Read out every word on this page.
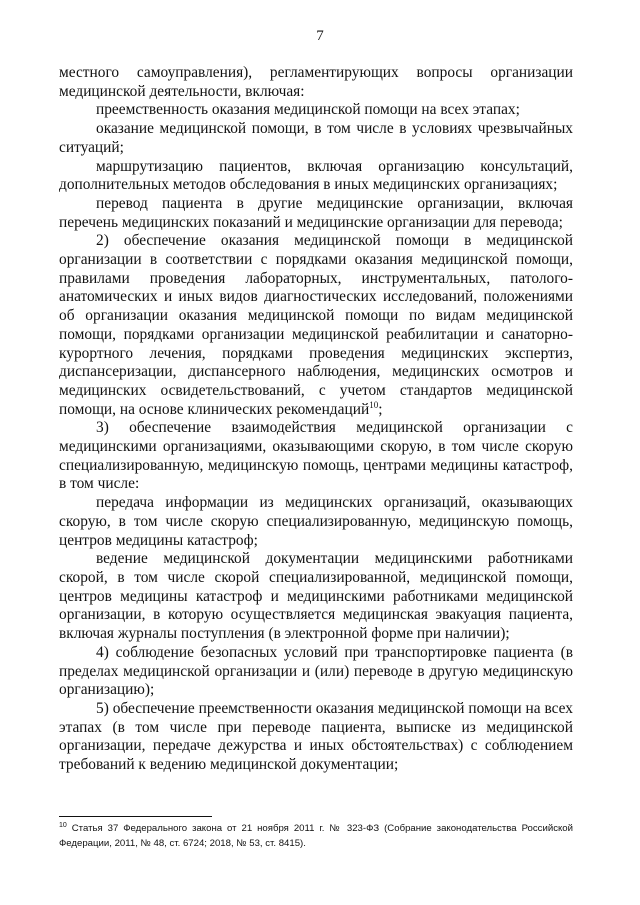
7

местного самоуправления), регламентирующих вопросы организации медицинской деятельности, включая:

преемственность оказания медицинской помощи на всех этапах;

оказание медицинской помощи, в том числе в условиях чрезвычайных ситуаций;

маршрутизацию пациентов, включая организацию консультаций, дополнительных методов обследования в иных медицинских организациях;

перевод пациента в другие медицинские организации, включая перечень медицинских показаний и медицинские организации для перевода;

2) обеспечение оказания медицинской помощи в медицинской организации в соответствии с порядками оказания медицинской помощи, правилами проведения лабораторных, инструментальных, патолого-анатомических и иных видов диагностических исследований, положениями об организации оказания медицинской помощи по видам медицинской помощи, порядками организации медицинской реабилитации и санаторно-курортного лечения, порядками проведения медицинских экспертиз, диспансеризации, диспансерного наблюдения, медицинских осмотров и медицинских освидетельствований, с учетом стандартов медицинской помощи, на основе клинических рекомендаций$^{10}$;

3) обеспечение взаимодействия медицинской организации с медицинскими организациями, оказывающими скорую, в том числе скорую специализированную, медицинскую помощь, центрами медицины катастроф, в том числе:

передача информации из медицинских организаций, оказывающих скорую, в том числе скорую специализированную, медицинскую помощь, центров медицины катастроф;

ведение медицинской документации медицинскими работниками скорой, в том числе скорой специализированной, медицинской помощи, центров медицины катастроф и медицинскими работниками медицинской организации, в которую осуществляется медицинская эвакуация пациента, включая журналы поступления (в электронной форме при наличии);

4) соблюдение безопасных условий при транспортировке пациента (в пределах медицинской организации и (или) переводе в другую медицинскую организацию);

5) обеспечение преемственности оказания медицинской помощи на всех этапах (в том числе при переводе пациента, выписке из медицинской организации, передаче дежурства и иных обстоятельствах) с соблюдением требований к ведению медицинской документации;

$^{10}$ Статья 37 Федерального закона от 21 ноября 2011 г. № 323-ФЗ (Собрание законодательства Российской Федерации, 2011, № 48, ст. 6724; 2018, № 53, ст. 8415).
